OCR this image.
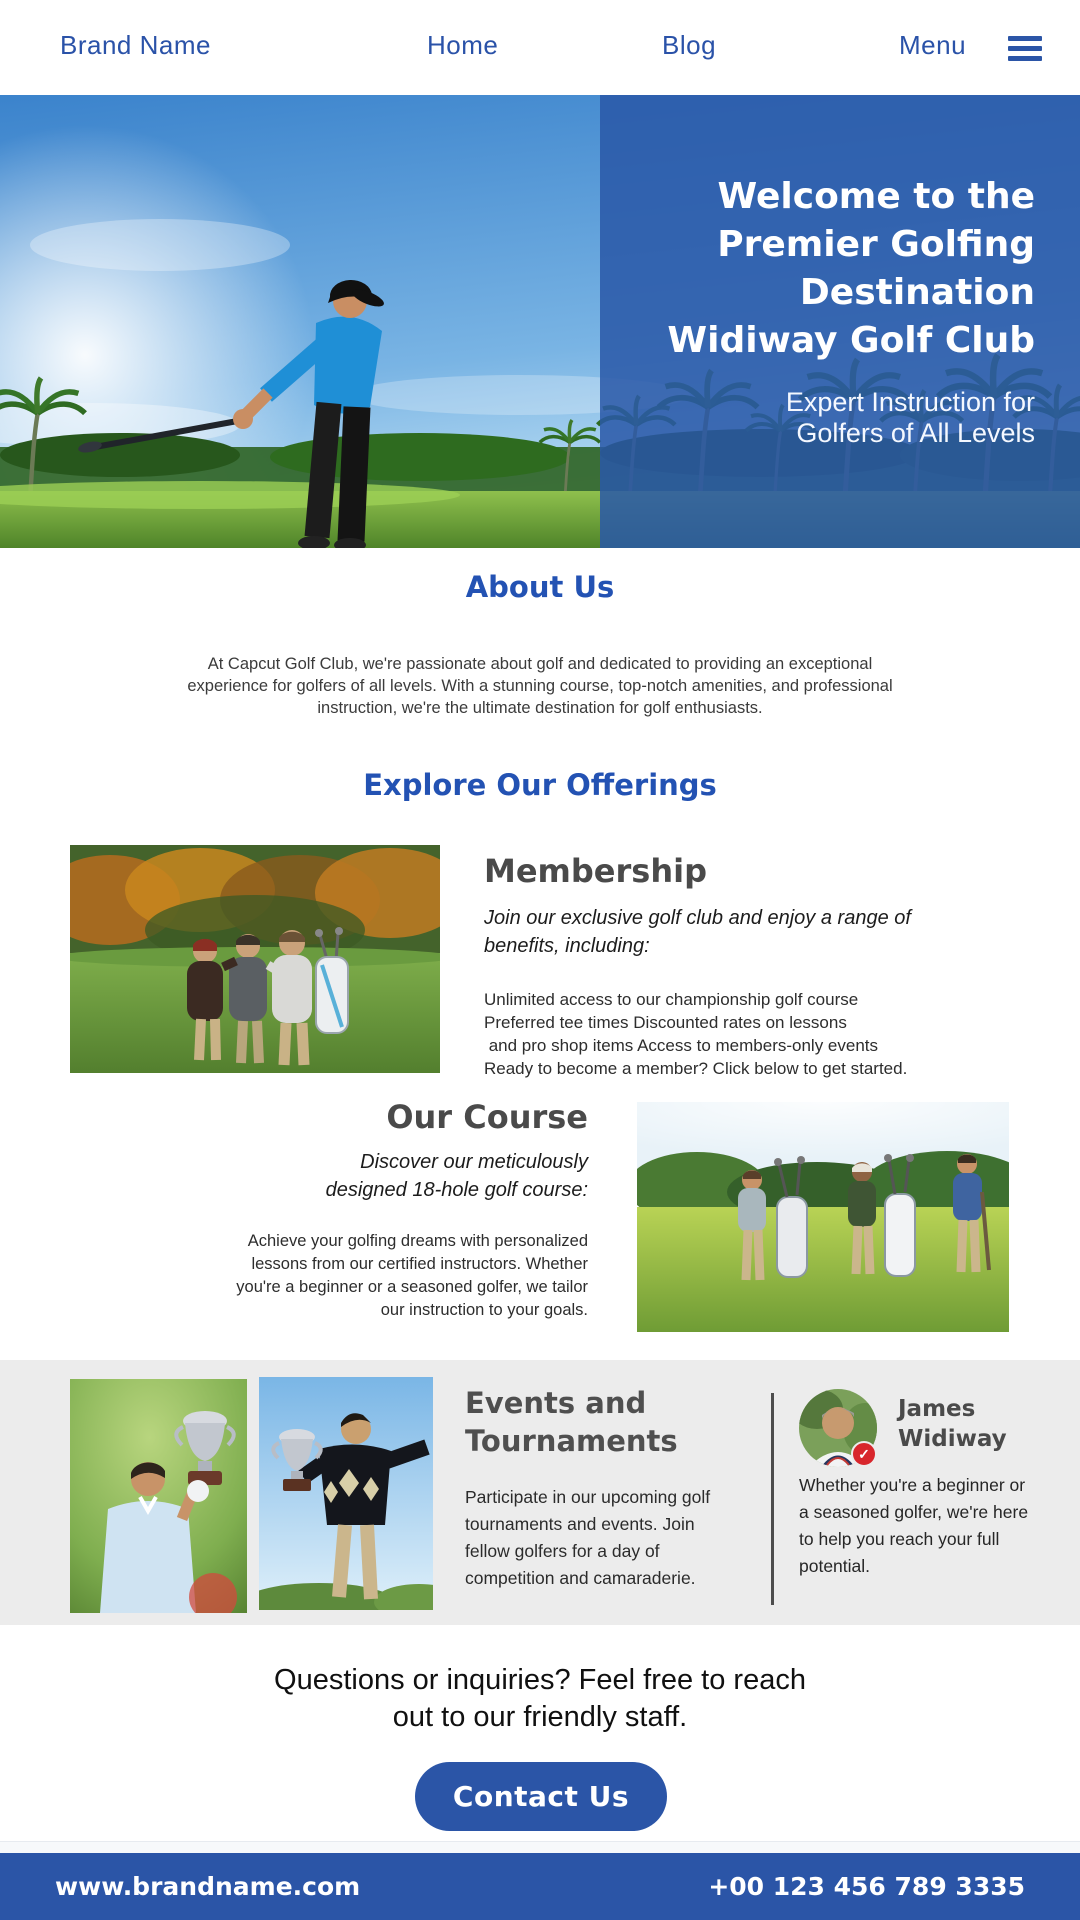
Brand Name	Home	Blog	Menu
Welcome to the
Premier Golfing
Destination
Widiway Golf Club
Expert Instruction for
Golfers of All Levels
About Us
At Capcut Golf Club, we're passionate about golf and dedicated to providing an exceptional experience for golfers of all levels. With a stunning course, top-notch amenities, and professional instruction, we're the ultimate destination for golf enthusiasts.
Explore Our Offerings
Membership
Join our exclusive golf club and enjoy a range of
benefits, including:
Unlimited access to our championship golf course
Preferred tee times Discounted rates on lessons
and pro shop items Access to members-only events
Ready to become a member? Click below to get started.
Our Course
Discover our meticulously
designed 18-hole golf course:
Achieve your golfing dreams with personalized
lessons from our certified instructors. Whether
you're a beginner or a seasoned golfer, we tailor
our instruction to your goals.
Events and
Tournaments
Participate in our upcoming golf tournaments and events. Join fellow golfers for a day of competition and camaraderie.
✓
James
Widiway
Whether you're a beginner or a seasoned golfer, we're here to help you reach your full potential.
Questions or inquiries? Feel free to reach
out to our friendly staff.
Contact Us
www.brandname.com	+00 123 456 789 3335
